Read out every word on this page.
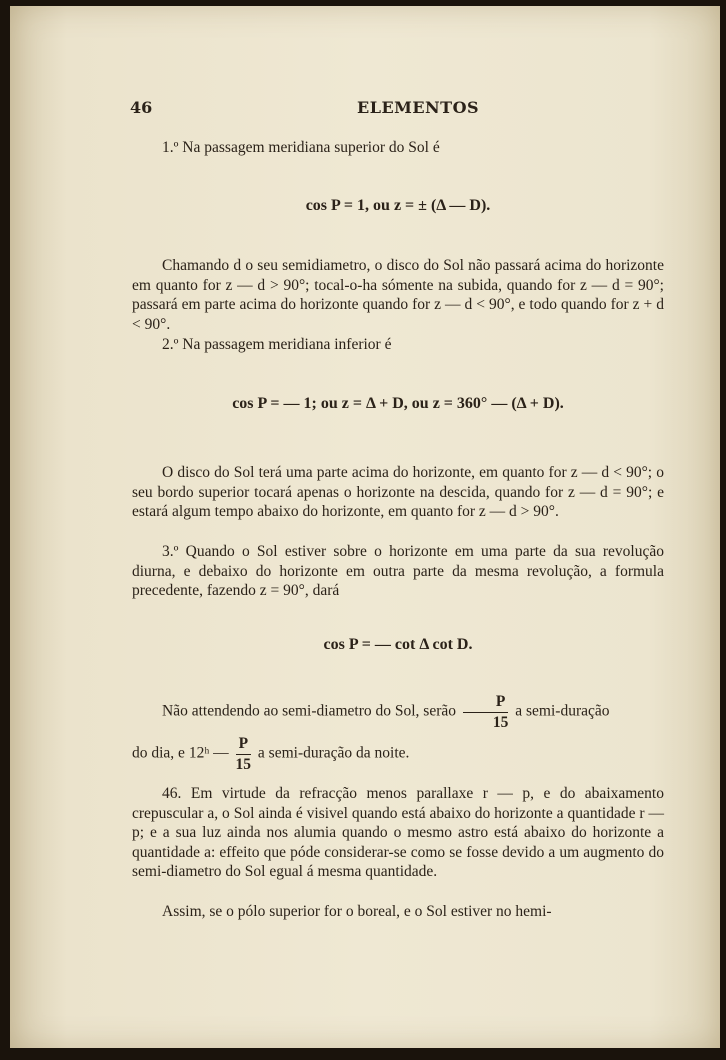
46	ELEMENTOS

1.º Na passagem meridiana superior do Sol é

cos P = 1, ou z = ± (Δ — D).

Chamando d o seu semidiametro, o disco do Sol não passará acima do horizonte em quanto for z — d > 90°; tocal-o-ha sómente na subida, quando for z — d = 90°; passará em parte acima do horizonte quando for z — d < 90°, e todo quando for z + d < 90°.

2.º Na passagem meridiana inferior é

cos P = — 1; ou z = Δ + D, ou z = 360° — (Δ + D).

O disco do Sol terá uma parte acima do horizonte, em quanto for z — d < 90°; o seu bordo superior tocará apenas o horizonte na descida, quando for z — d = 90°; e estará algum tempo abaixo do horizonte, em quanto for z — d > 90°.

3.º Quando o Sol estiver sobre o horizonte em uma parte da sua revolução diurna, e debaixo do horizonte em outra parte da mesma revolução, a formula precedente, fazendo z = 90°, dará

cos P = — cot Δ cot D.
Não attendendo ao semi-diametro do Sol, serão $\frac{P}{15}$ a semi-duração
do dia, e 12ʰ — $\frac{P}{15}$ a semi-duração da noite.

46. Em virtude da refracção menos parallaxe r — p, e do abaixamento crepuscular a, o Sol ainda é visivel quando está abaixo do horizonte a quantidade r — p; e a sua luz ainda nos alumia quando o mesmo astro está abaixo do horizonte a quantidade a: effeito que póde considerar-se como se fosse devido a um augmento do semi-diametro do Sol egual á mesma quantidade.

Assim, se o pólo superior for o boreal, e o Sol estiver no hemi-
